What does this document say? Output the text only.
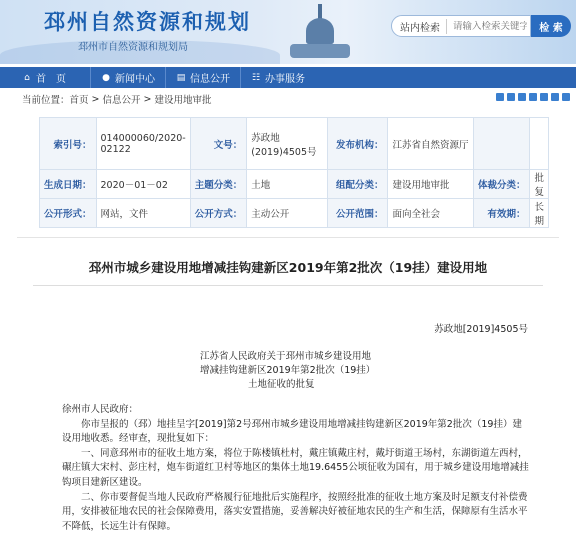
邳州自然资源和规划
邳州市自然资源和规划局
站内检索
请输入检索关键字	检 索
⌂ 首　页	● 新闻中心 ▤ 信息公开 ☷ 办事服务
当前位置： 首页 > 信息公开 > 建设用地审批
索引号：	014000060/2020-02122	文号：	苏政地(2019)4505号	发布机构：	江苏省自然资源厅		
生成日期：	2020－01－02	主题分类：	土地	组配分类：	建设用地审批	体裁分类：	批复
公开形式：	网站，文件	公开方式：	主动公开	公开范围：	面向全社会	有效期：	长期
邳州市城乡建设用地增减挂钩建新区2019年第2批次（19挂）建设用地
苏政地[2019]4505号
江苏省人民政府关于邳州市城乡建设用地
增减挂钩建新区2019年第2批次（19挂）
土地征收的批复

徐州市人民政府：

　　你市呈报的（邳）地挂呈字[2019]第2号邳州市城乡建设用地增减挂钩建新区2019年第2批次（19挂）建设用地收悉。经审查，现批复如下：

　　一、同意邳州市的征收土地方案，将位于陈楼镇杜村，戴庄镇戴庄村，戴圩街道王场村，东湖街道左西村，碾庄镇大宋村、彭庄村，炮车街道红卫村等地区的集体土地19.6455公顷征收为国有，用于城乡建设用地增减挂钩项目建新区建设。

　　二、你市要督促当地人民政府严格履行征地批后实施程序，按照经批准的征收土地方案及时足额支付补偿费用，安排被征地农民的社会保障费用，落实安置措施，妥善解决好被征地农民的生产和生活，保障原有生活水平不降低，长远生计有保障。
